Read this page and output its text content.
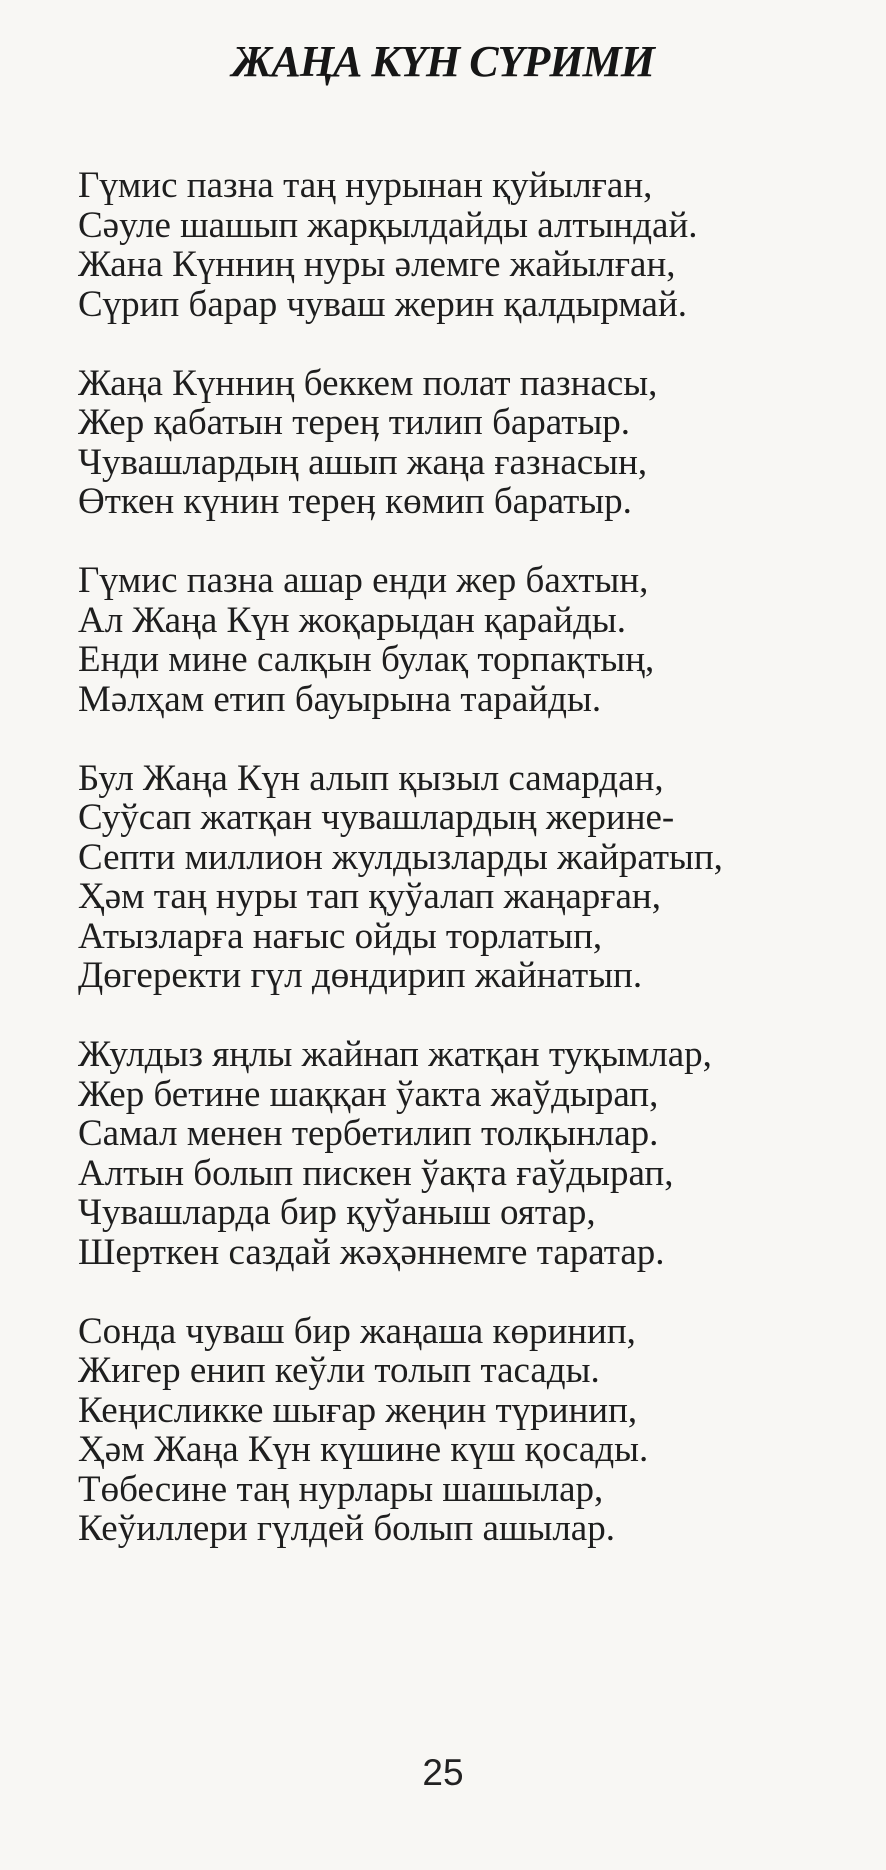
ЖАҢА КҮН СҮРИМИ
Гүмис пазна таң нурынан қуйылған,
Сәуле шашып жарқылдайды алтындай.
Жана Күнниң нуры әлемге жайылған,
Сүрип барар чуваш жерин қалдырмай.
Жаңа Күнниң беккем полат пазнасы,
Жер қабатын тереӊ тилип баратыр.
Чувашлардың ашып жаңа ғазнасын,
Өткен күнин тереӊ көмип баратыр.
Гүмис пазна ашар енди жер бахтын,
Ал Жаңа Күн жоқарыдан қарайды.
Енди мине салқын булақ торпақтың,
Мәлҳам етип бауырына тарайды.
Бул Жаңа Күн алып қызыл самардан,
Суўсап жатқан чувашлардың жерине-
Септи миллион жулдызларды жайратып,
Ҳәм таң нуры тап қуўалап жаңарған,
Атызларға нағыс ойды торлатып,
Дөгеректи гүл дөндирип жайнатып.
Жулдыз яңлы жайнап жатқан туқымлар,
Жер бетине шаққан ўакта жаўдырап,
Самал менен тербетилип толқынлар.
Алтын болып пискен ўақта ғаўдырап,
Чувашларда бир қуўаныш оятар,
Шерткен саздай жәҳәннемге таратар.
Сонда чуваш бир жаңаша көринип,
Жигер енип кеўли толып тасады.
Кеңисликке шығар жеңин түринип,
Ҳәм Жаңа Күн күшине күш қосады.
Төбесине таң нурлары шашылар,
Кеўиллери гүлдей болып ашылар.
25
